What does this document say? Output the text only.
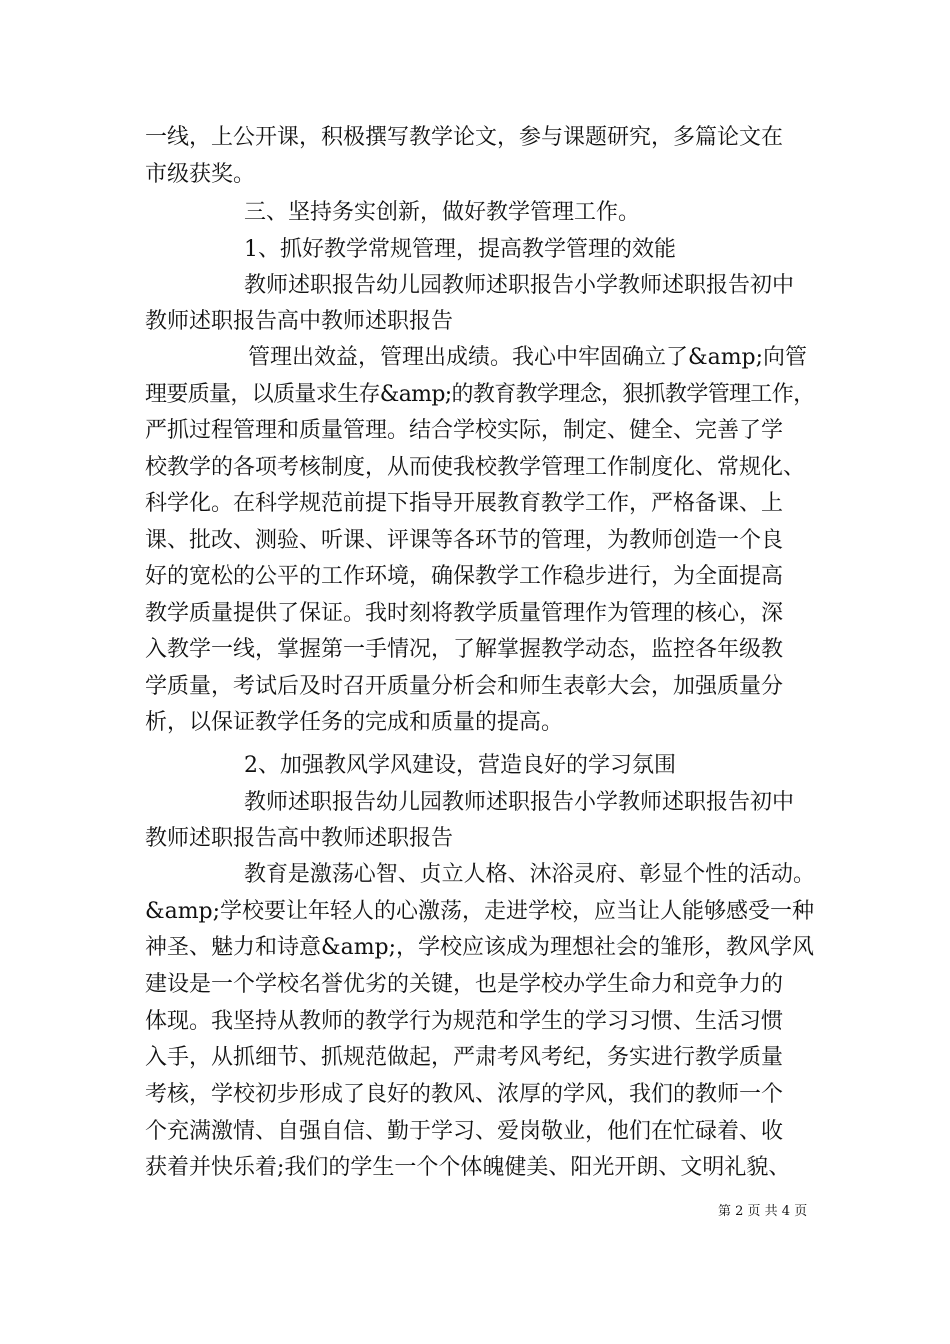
一线，上公开课，积极撰写教学论文，参与课题研究，多篇论文在
市级获奖。
三、坚持务实创新，做好教学管理工作。
1、抓好教学常规管理，提高教学管理的效能
教师述职报告幼儿园教师述职报告小学教师述职报告初中
教师述职报告高中教师述职报告
管理出效益，管理出成绩。我心中牢固确立了&amp;向管
理要质量，以质量求生存&amp;的教育教学理念，狠抓教学管理工作，
严抓过程管理和质量管理。结合学校实际，制定、健全、完善了学
校教学的各项考核制度，从而使我校教学管理工作制度化、常规化、
科学化。在科学规范前提下指导开展教育教学工作，严格备课、上
课、批改、测验、听课、评课等各环节的管理，为教师创造一个良
好的宽松的公平的工作环境，确保教学工作稳步进行，为全面提高
教学质量提供了保证。我时刻将教学质量管理作为管理的核心，深
入教学一线，掌握第一手情况，了解掌握教学动态，监控各年级教
学质量，考试后及时召开质量分析会和师生表彰大会，加强质量分
析，以保证教学任务的完成和质量的提高。
2、加强教风学风建设，营造良好的学习氛围
教师述职报告幼儿园教师述职报告小学教师述职报告初中
教师述职报告高中教师述职报告
教育是激荡心智、贞立人格、沐浴灵府、彰显个性的活动。
&amp;学校要让年轻人的心激荡，走进学校，应当让人能够感受一种
神圣、魅力和诗意&amp;，学校应该成为理想社会的雏形，教风学风
建设是一个学校名誉优劣的关键，也是学校办学生命力和竞争力的
体现。我坚持从教师的教学行为规范和学生的学习习惯、生活习惯
入手，从抓细节、抓规范做起，严肃考风考纪，务实进行教学质量
考核，学校初步形成了良好的教风、浓厚的学风，我们的教师一个
个充满激情、自强自信、勤于学习、爱岗敬业，他们在忙碌着、收
获着并快乐着;我们的学生一个个体魄健美、阳光开朗、文明礼貌、
第 2 页 共 4 页
